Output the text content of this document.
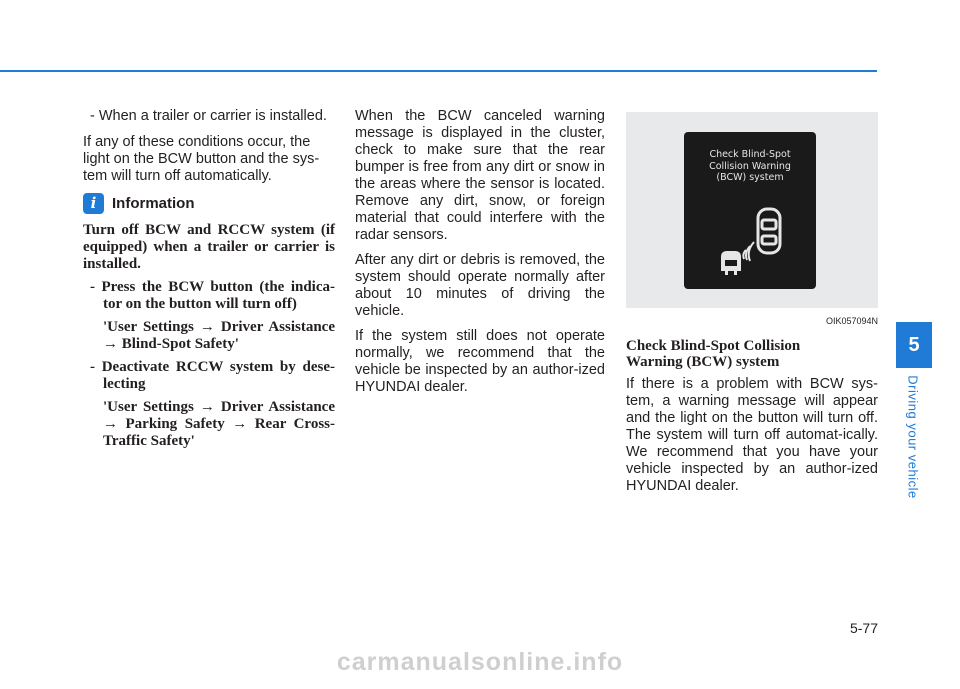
- When a trailer or carrier is installed.

If any of these conditions occur, the light on the BCW button and the sys-tem will turn off automatically.

i	Information

Turn off BCW and RCCW system (if equipped) when a trailer or carrier is installed.

- Press the BCW button (the indica-tor on the button will turn off)

'User Settings → Driver Assistance → Blind-Spot Safety'

- Deactivate RCCW system by dese-lecting

'User Settings → Driver Assistance → Parking Safety → Rear Cross-Traffic Safety'

When the BCW canceled warning message is displayed in the cluster, check to make sure that the rear bumper is free from any dirt or snow in the areas where the sensor is located. Remove any dirt, snow, or foreign material that could interfere with the radar sensors.

After any dirt or debris is removed, the system should operate normally after about 10 minutes of driving the vehicle.

If the system still does not operate normally, we recommend that the vehicle be inspected by an author-ized HYUNDAI dealer.

Check Blind-Spot
Collision Warning
(BCW) system
OIK057094N
Check Blind-Spot Collision
Warning (BCW) system

If there is a problem with BCW sys-tem, a warning message will appear and the light on the button will turn off. The system will turn off automat-ically. We recommend that you have your vehicle inspected by an author-ized HYUNDAI dealer.

5
Driving your vehicle
5-77
carmanualsonline.info
